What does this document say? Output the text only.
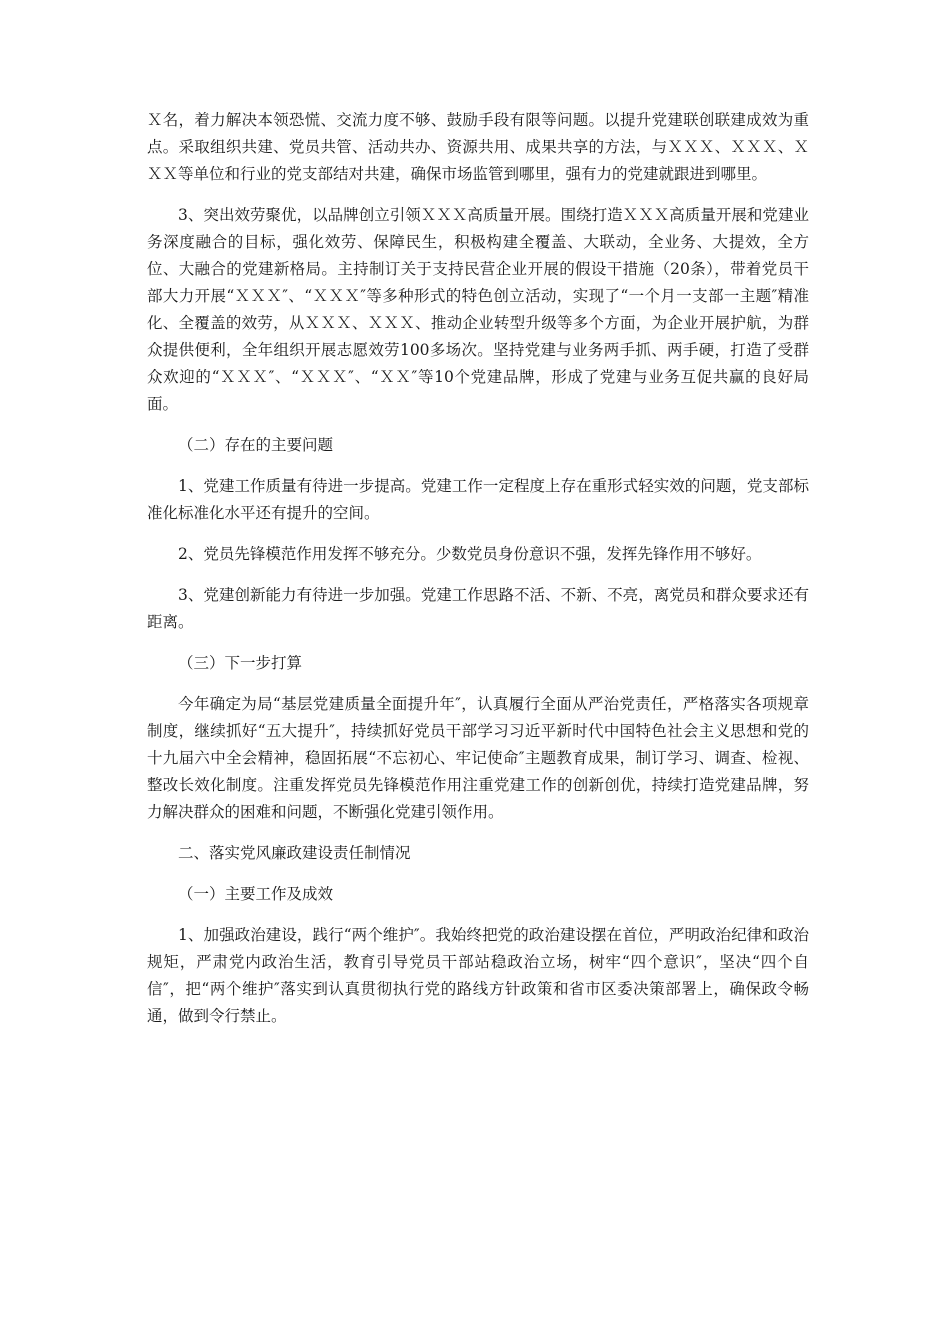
Ｘ名，着力解决本领恐慌、交流力度不够、鼓励手段有限等问题。以提升党建联创联建成效为重点。采取组织共建、党员共管、活动共办、资源共用、成果共享的方法，与ＸＸＸ、ＸＸＸ、ＸＸＸ等单位和行业的党支部结对共建，确保市场监管到哪里，强有力的党建就跟进到哪里。

3、突出效劳聚优，以品牌创立引领ＸＸＸ高质量开展。围绕打造ＸＸＸ高质量开展和党建业务深度融合的目标，强化效劳、保障民生，积极构建全覆盖、大联动，全业务、大提效，全方位、大融合的党建新格局。主持制订关于支持民营企业开展的假设干措施（20条），带着党员干部大力开展“ＸＸＸ″、“ＸＸＸ″等多种形式的特色创立活动，实现了“一个月一支部一主题″精准化、全覆盖的效劳，从ＸＸＸ、ＸＸＸ、推动企业转型升级等多个方面，为企业开展护航，为群众提供便利，全年组织开展志愿效劳100多场次。坚持党建与业务两手抓、两手硬，打造了受群众欢迎的“ＸＸＸ″、“ＸＸＸ″、“ＸＸ″等10个党建品牌，形成了党建与业务互促共赢的良好局面。

（二）存在的主要问题

1、党建工作质量有待进一步提高。党建工作一定程度上存在重形式轻实效的问题，党支部标准化标准化水平还有提升的空间。

2、党员先锋模范作用发挥不够充分。少数党员身份意识不强，发挥先锋作用不够好。

3、党建创新能力有待进一步加强。党建工作思路不活、不新、不亮，离党员和群众要求还有距离。

（三）下一步打算

今年确定为局“基层党建质量全面提升年″，认真履行全面从严治党责任，严格落实各项规章制度，继续抓好“五大提升″，持续抓好党员干部学习习近平新时代中国特色社会主义思想和党的十九届六中全会精神，稳固拓展“不忘初心、牢记使命″主题教育成果，制订学习、调查、检视、整改长效化制度。注重发挥党员先锋模范作用注重党建工作的创新创优，持续打造党建品牌，努力解决群众的困难和问题，不断强化党建引领作用。

二、落实党风廉政建设责任制情况

（一）主要工作及成效

1、加强政治建设，践行“两个维护″。我始终把党的政治建设摆在首位，严明政治纪律和政治规矩，严肃党内政治生活，教育引导党员干部站稳政治立场，树牢“四个意识″，坚决“四个自信″，把“两个维护″落实到认真贯彻执行党的路线方针政策和省市区委决策部署上，确保政令畅通，做到令行禁止。
